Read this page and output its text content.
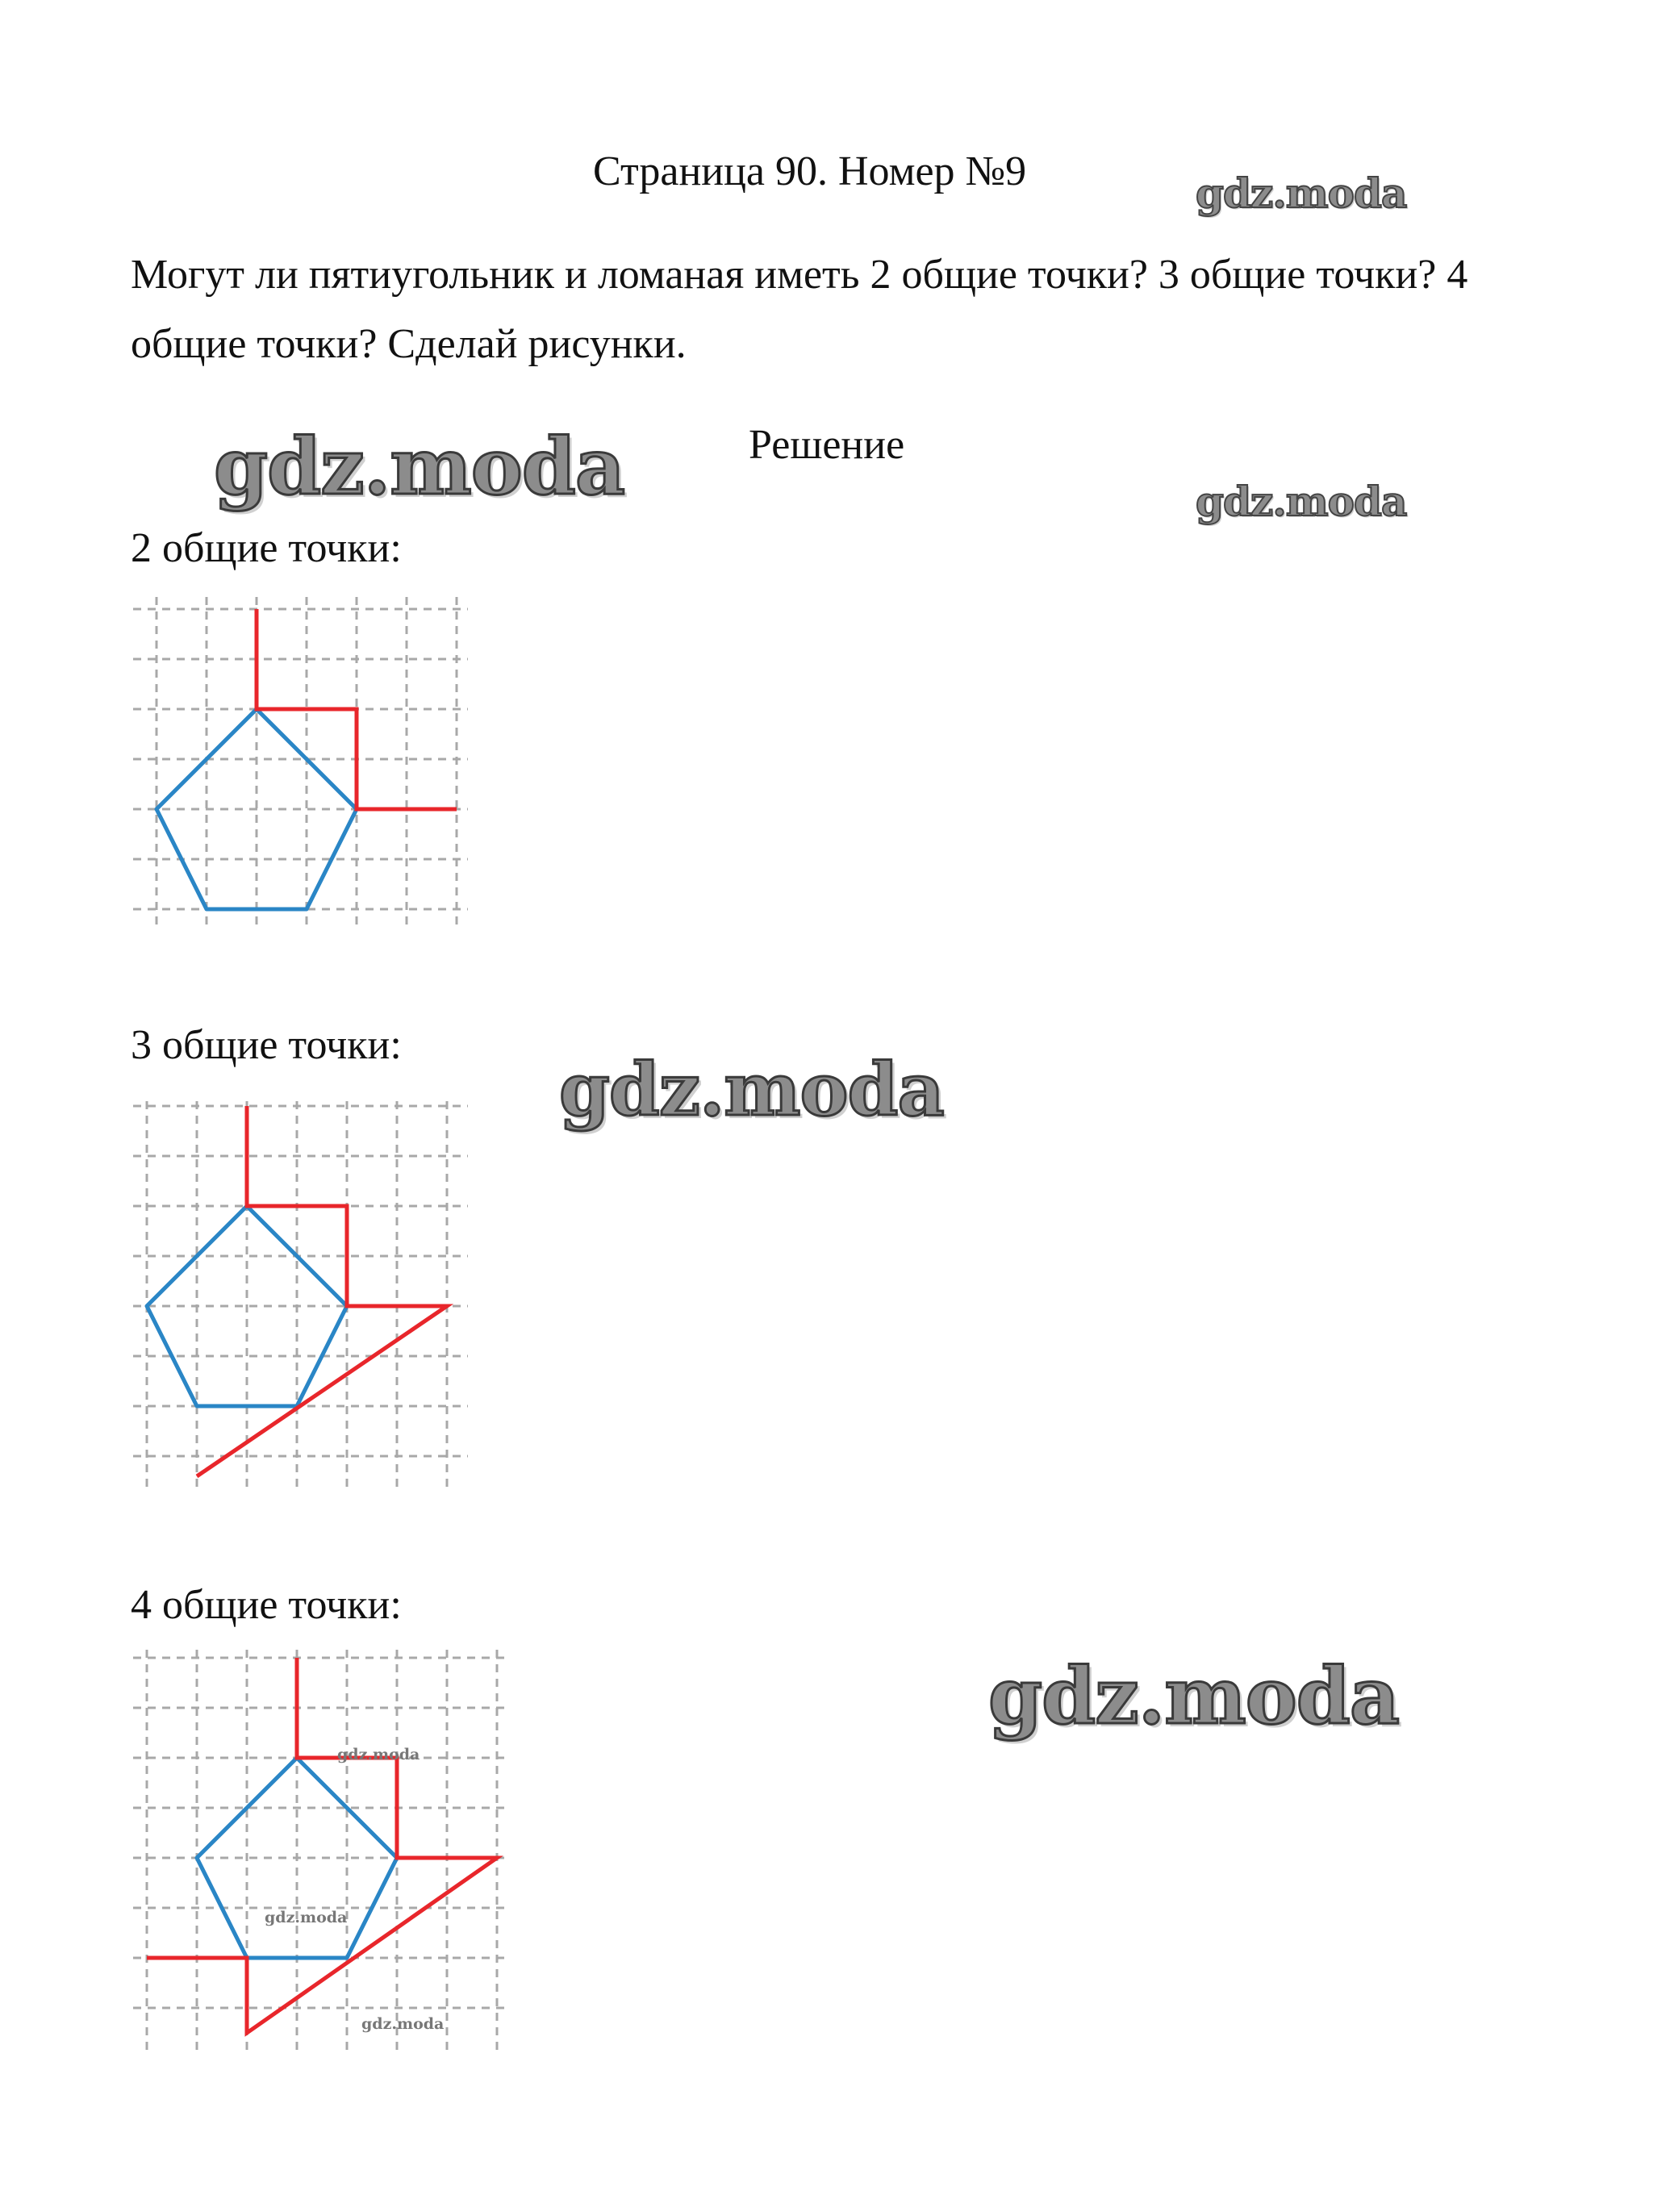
Страница 90. Номер №9

Могут ли пятиугольник и ломаная иметь 2 общие точки? 3 общие точки? 4 общие точки? Сделай рисунки.

Решение
gdz.moda
gdz.moda	gdz.moda
gdz.moda
gdz.moda
2 общие точки:
3 общие точки:
4 общие точки:
gdz.moda
gdz.moda
gdz.moda
